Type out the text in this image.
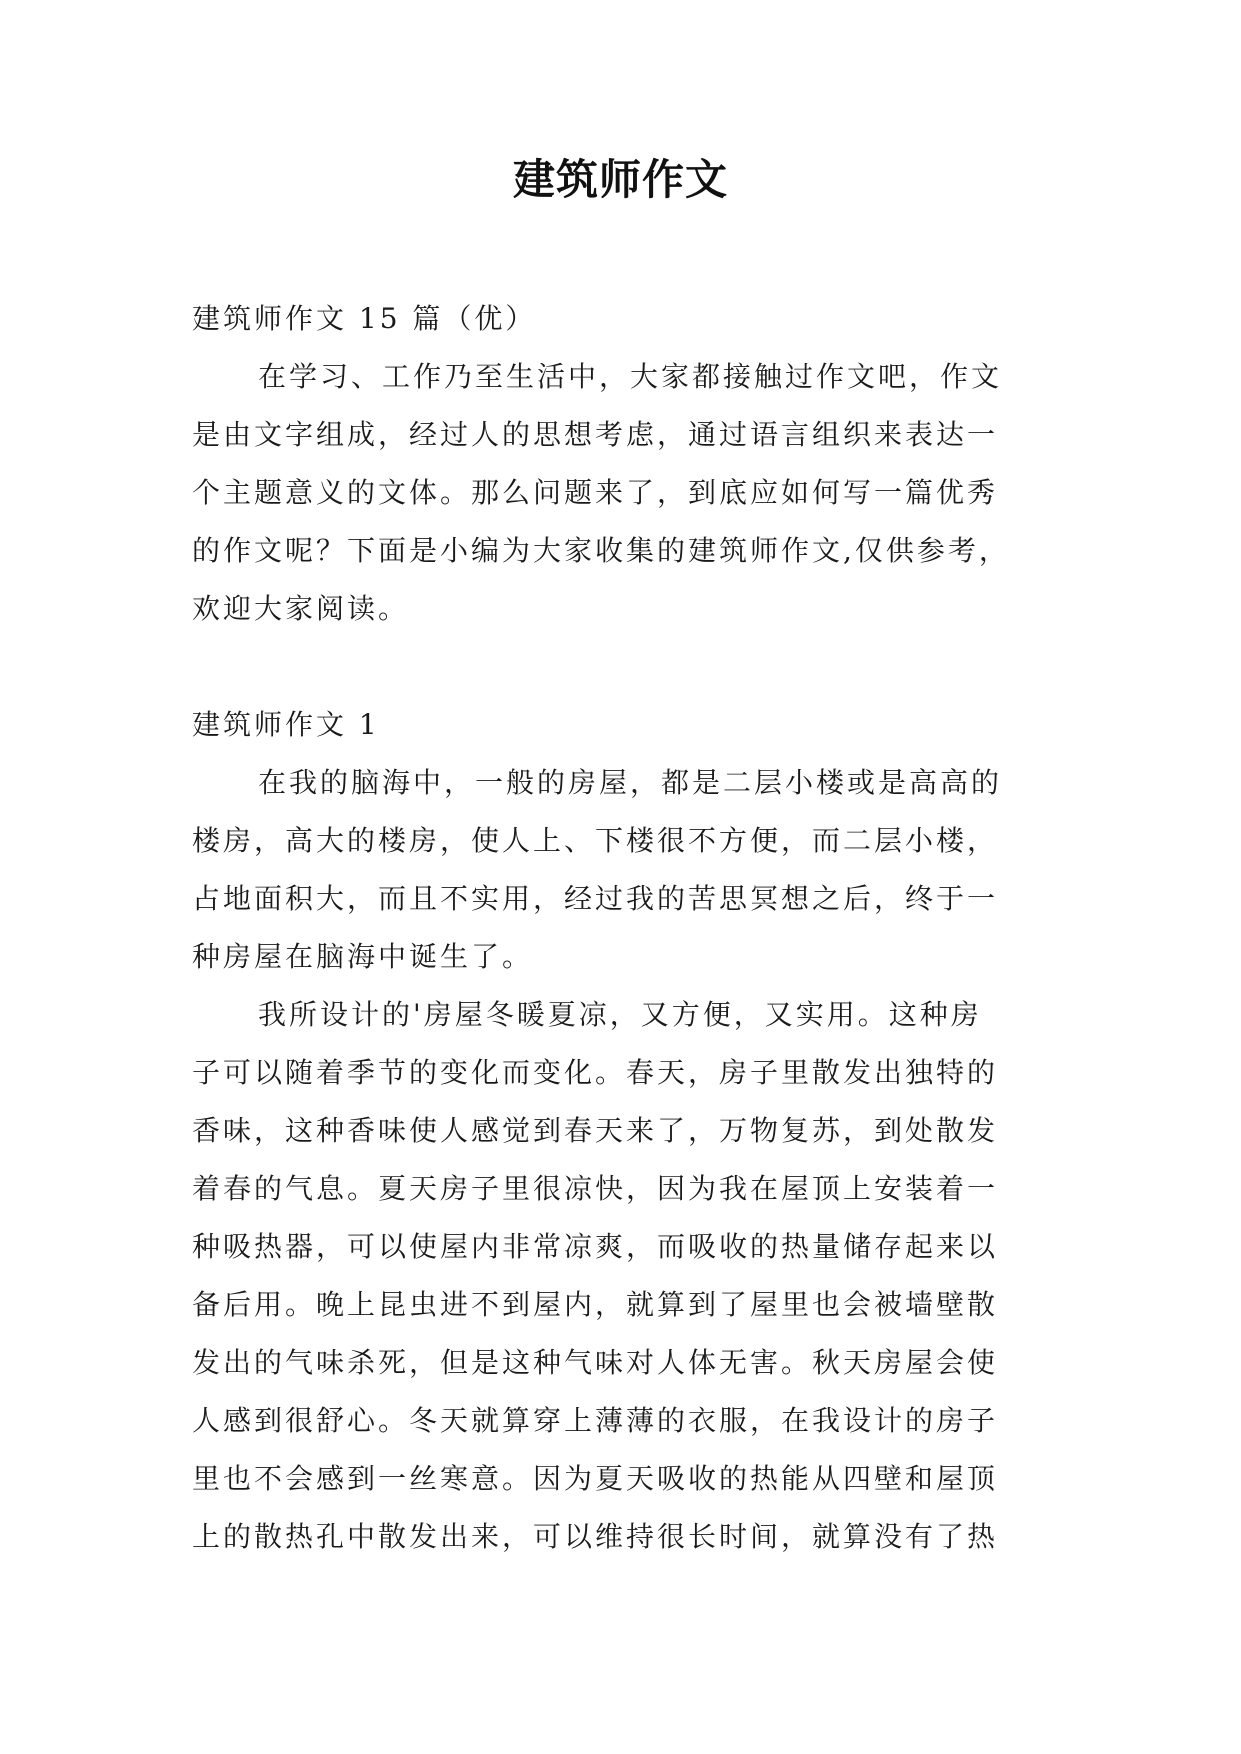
建筑师作文
建筑师作文 15 篇（优）
在学习、工作乃至生活中，大家都接触过作文吧，作文
是由文字组成，经过人的思想考虑，通过语言组织来表达一
个主题意义的文体。那么问题来了，到底应如何写一篇优秀
的作文呢？下面是小编为大家收集的建筑师作文,仅供参考，
欢迎大家阅读。
建筑师作文 1
在我的脑海中，一般的房屋，都是二层小楼或是高高的
楼房，高大的楼房，使人上、下楼很不方便，而二层小楼，
占地面积大，而且不实用，经过我的苦思冥想之后，终于一
种房屋在脑海中诞生了。
我所设计的'房屋冬暖夏凉，又方便，又实用。这种房
子可以随着季节的变化而变化。春天，房子里散发出独特的
香味，这种香味使人感觉到春天来了，万物复苏，到处散发
着春的气息。夏天房子里很凉快，因为我在屋顶上安装着一
种吸热器，可以使屋内非常凉爽，而吸收的热量储存起来以
备后用。晚上昆虫进不到屋内，就算到了屋里也会被墙壁散
发出的气味杀死，但是这种气味对人体无害。秋天房屋会使
人感到很舒心。冬天就算穿上薄薄的衣服，在我设计的房子
里也不会感到一丝寒意。因为夏天吸收的热能从四壁和屋顶
上的散热孔中散发出来，可以维持很长时间，就算没有了热
